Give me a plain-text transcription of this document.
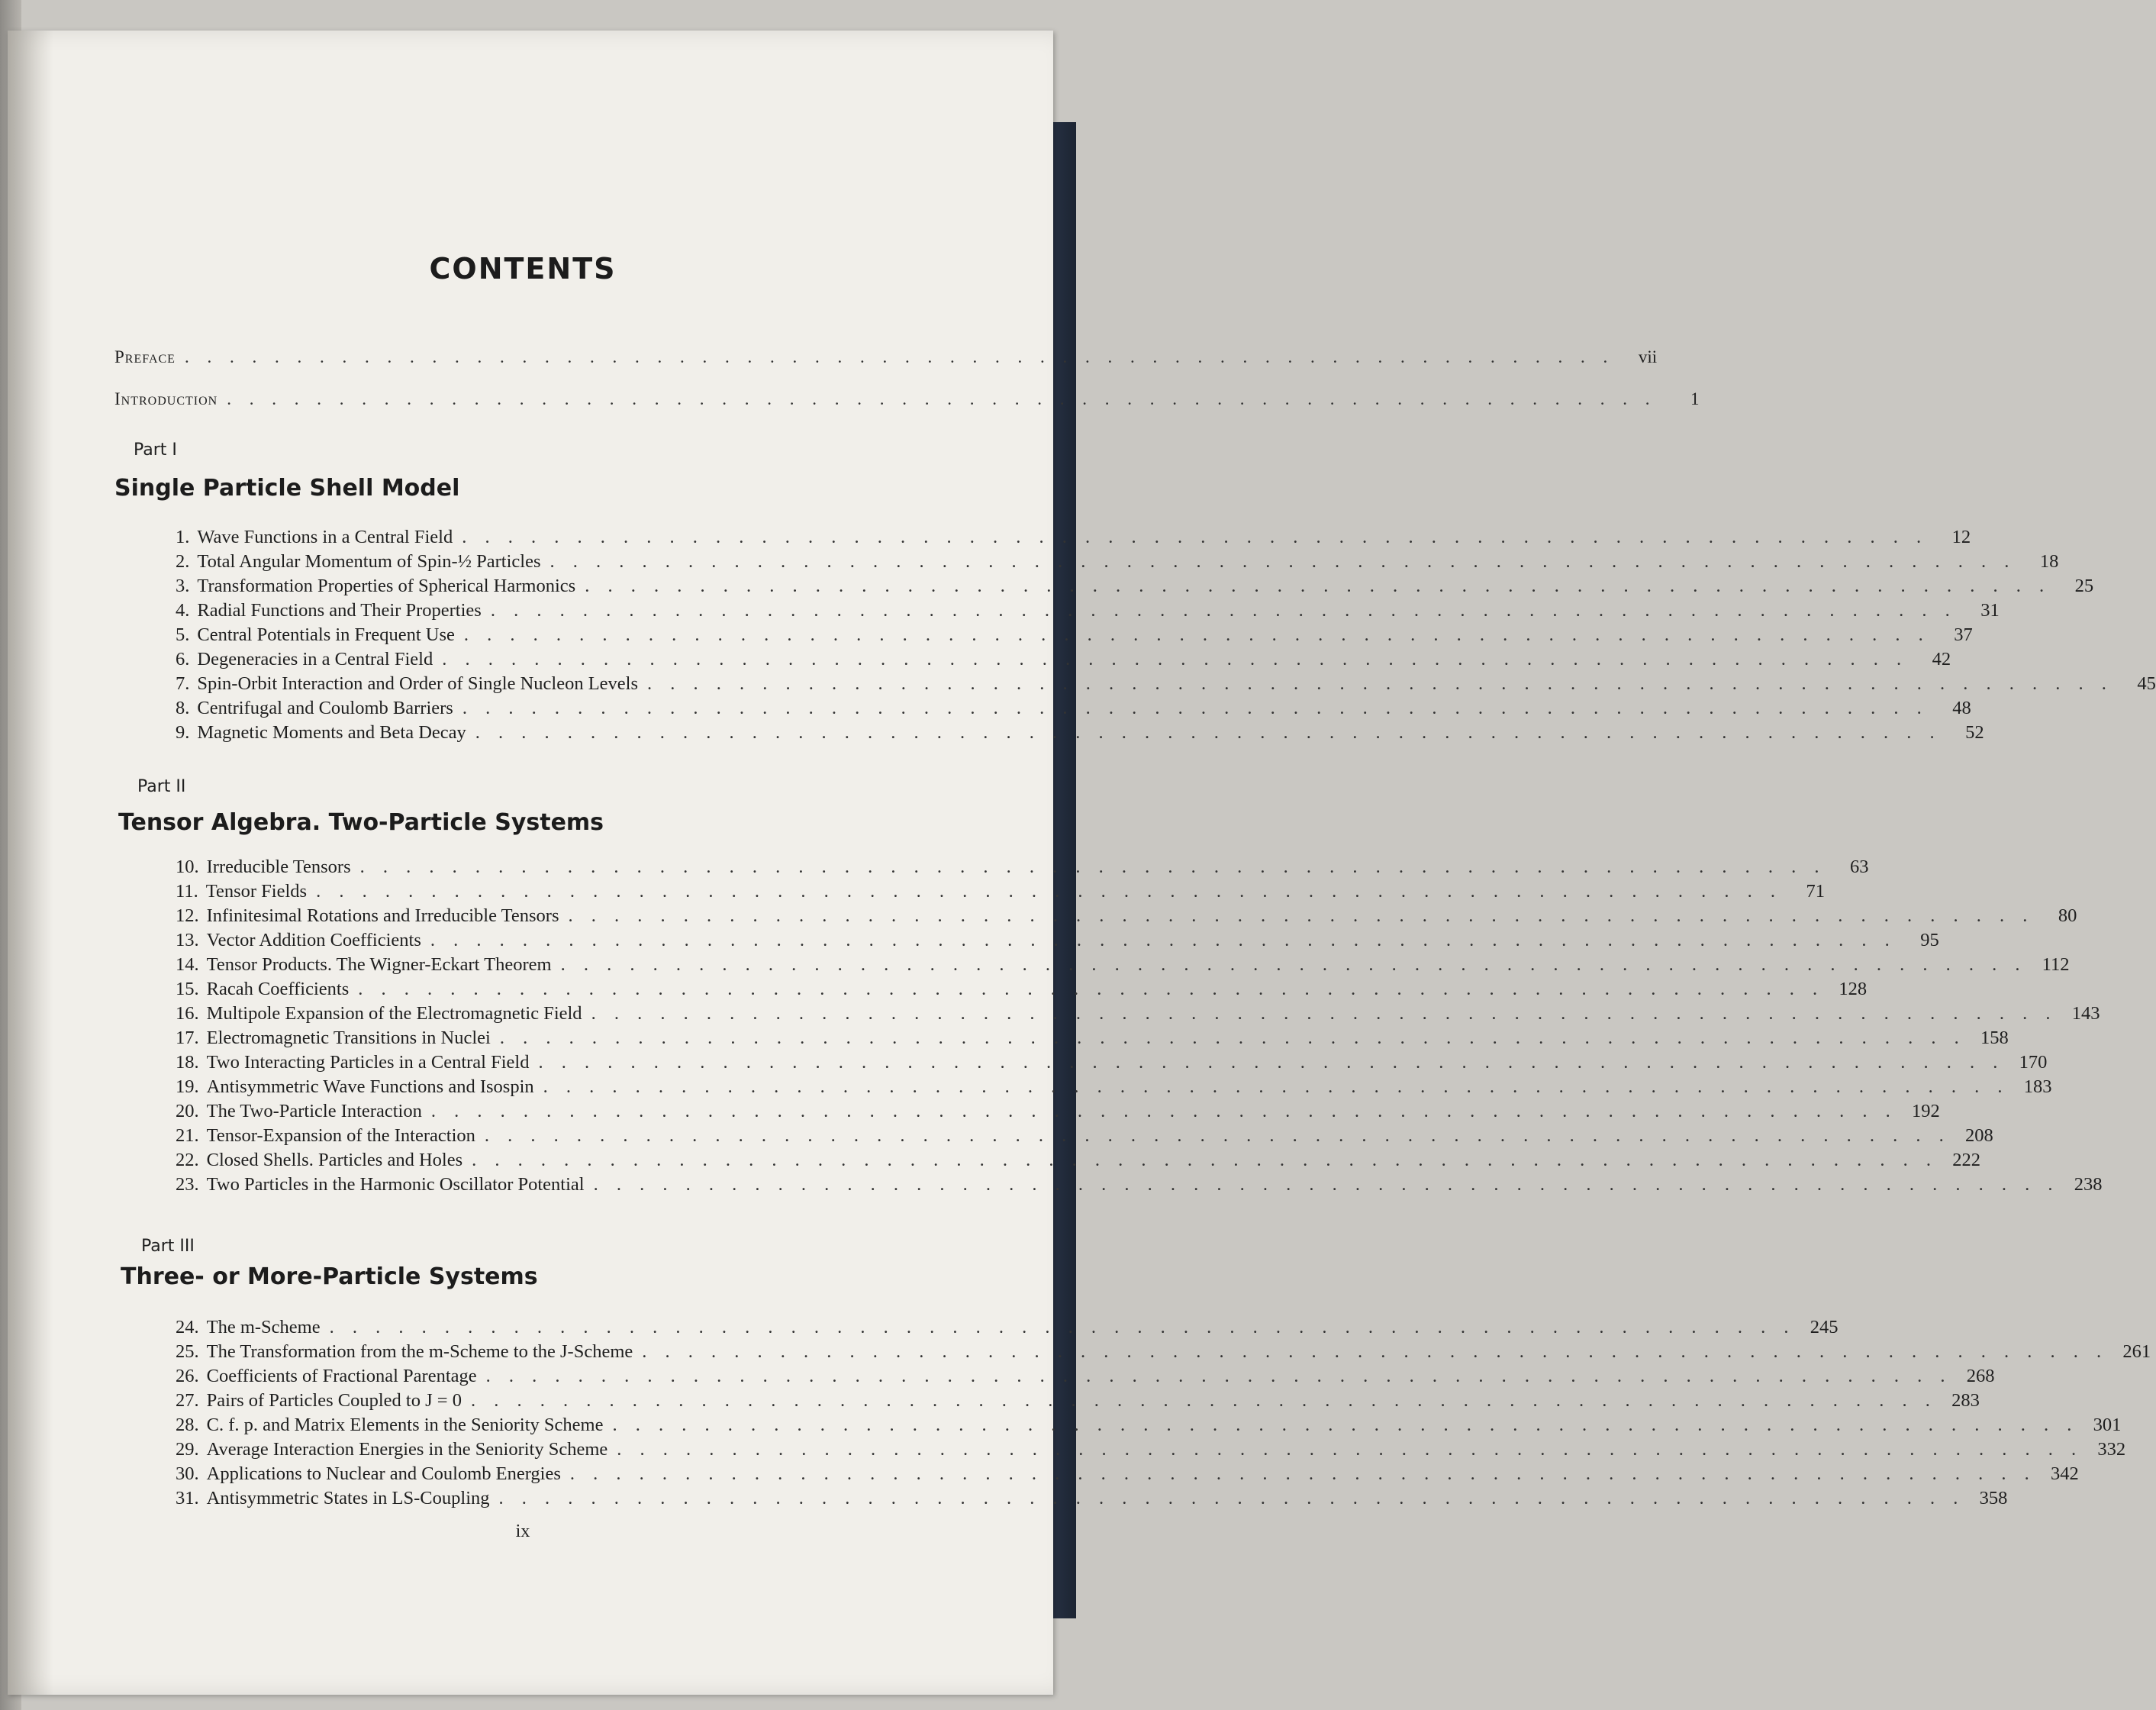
CONTENTS
Preface . . . . . . . . . . . . . . . . . . . . . . . . . . . . . . . . . . . . . . . . . . . . . . . . . . . . . . . . . . . . . . . .	vii
Introduction . . . . . . . . . . . . . . . . . . . . . . . . . . . . . . . . . . . . . . . . . . . . . . . . . . . . . . . . . . . . . . . .	1
Part I
Single Particle Shell Model
1. Wave Functions in a Central Field . . . . . . . . . . . . . . . . . . . . . . . . . . . . . . . . . . . . . . . . . . . . . . . . . . . . . . . . . . . . . . . .	12
2. Total Angular Momentum of Spin-½ Particles . . . . . . . . . . . . . . . . . . . . . . . . . . . . . . . . . . . . . . . . . . . . . . . . . . . . . . . . . . . . . . . .	18
3. Transformation Properties of Spherical Harmonics . . . . . . . . . . . . . . . . . . . . . . . . . . . . . . . . . . . . . . . . . . . . . . . . . . . . . . . . . . . . . . . .	25
4. Radial Functions and Their Properties . . . . . . . . . . . . . . . . . . . . . . . . . . . . . . . . . . . . . . . . . . . . . . . . . . . . . . . . . . . . . . . .	31
5. Central Potentials in Frequent Use . . . . . . . . . . . . . . . . . . . . . . . . . . . . . . . . . . . . . . . . . . . . . . . . . . . . . . . . . . . . . . . .	37
6. Degeneracies in a Central Field . . . . . . . . . . . . . . . . . . . . . . . . . . . . . . . . . . . . . . . . . . . . . . . . . . . . . . . . . . . . . . . .	42
7. Spin-Orbit Interaction and Order of Single Nucleon Levels . . . . . . . . . . . . . . . . . . . . . . . . . . . . . . . . . . . . . . . . . . . . . . . . . . . . . . . . . . . . . . . .	45
8. Centrifugal and Coulomb Barriers . . . . . . . . . . . . . . . . . . . . . . . . . . . . . . . . . . . . . . . . . . . . . . . . . . . . . . . . . . . . . . . .	48
9. Magnetic Moments and Beta Decay . . . . . . . . . . . . . . . . . . . . . . . . . . . . . . . . . . . . . . . . . . . . . . . . . . . . . . . . . . . . . . . .	52
Part II
Tensor Algebra. Two-Particle Systems
10. Irreducible Tensors . . . . . . . . . . . . . . . . . . . . . . . . . . . . . . . . . . . . . . . . . . . . . . . . . . . . . . . . . . . . . . . .	63
11. Tensor Fields . . . . . . . . . . . . . . . . . . . . . . . . . . . . . . . . . . . . . . . . . . . . . . . . . . . . . . . . . . . . . . . .	71
12. Infinitesimal Rotations and Irreducible Tensors . . . . . . . . . . . . . . . . . . . . . . . . . . . . . . . . . . . . . . . . . . . . . . . . . . . . . . . . . . . . . . . .	80
13. Vector Addition Coefficients . . . . . . . . . . . . . . . . . . . . . . . . . . . . . . . . . . . . . . . . . . . . . . . . . . . . . . . . . . . . . . . .	95
14. Tensor Products. The Wigner-Eckart Theorem . . . . . . . . . . . . . . . . . . . . . . . . . . . . . . . . . . . . . . . . . . . . . . . . . . . . . . . . . . . . . . . . 112
15. Racah Coefficients . . . . . . . . . . . . . . . . . . . . . . . . . . . . . . . . . . . . . . . . . . . . . . . . . . . . . . . . . . . . . . . . 128
16. Multipole Expansion of the Electromagnetic Field . . . . . . . . . . . . . . . . . . . . . . . . . . . . . . . . . . . . . . . . . . . . . . . . . . . . . . . . . . . . . . . . 143
17. Electromagnetic Transitions in Nuclei . . . . . . . . . . . . . . . . . . . . . . . . . . . . . . . . . . . . . . . . . . . . . . . . . . . . . . . . . . . . . . . . 158
18. Two Interacting Particles in a Central Field . . . . . . . . . . . . . . . . . . . . . . . . . . . . . . . . . . . . . . . . . . . . . . . . . . . . . . . . . . . . . . . . 170
19. Antisymmetric Wave Functions and Isospin . . . . . . . . . . . . . . . . . . . . . . . . . . . . . . . . . . . . . . . . . . . . . . . . . . . . . . . . . . . . . . . . 183
20. The Two-Particle Interaction . . . . . . . . . . . . . . . . . . . . . . . . . . . . . . . . . . . . . . . . . . . . . . . . . . . . . . . . . . . . . . . . 192
21. Tensor-Expansion of the Interaction . . . . . . . . . . . . . . . . . . . . . . . . . . . . . . . . . . . . . . . . . . . . . . . . . . . . . . . . . . . . . . . . 208
22. Closed Shells. Particles and Holes . . . . . . . . . . . . . . . . . . . . . . . . . . . . . . . . . . . . . . . . . . . . . . . . . . . . . . . . . . . . . . . . 222
23. Two Particles in the Harmonic Oscillator Potential . . . . . . . . . . . . . . . . . . . . . . . . . . . . . . . . . . . . . . . . . . . . . . . . . . . . . . . . . . . . . . . . 238
Part III
Three- or More-Particle Systems
24. The m-Scheme . . . . . . . . . . . . . . . . . . . . . . . . . . . . . . . . . . . . . . . . . . . . . . . . . . . . . . . . . . . . . . . . 245
25. The Transformation from the m-Scheme to the J-Scheme . . . . . . . . . . . . . . . . . . . . . . . . . . . . . . . . . . . . . . . . . . . . . . . . . . . . . . . . . . . . . . . . 261
26. Coefficients of Fractional Parentage . . . . . . . . . . . . . . . . . . . . . . . . . . . . . . . . . . . . . . . . . . . . . . . . . . . . . . . . . . . . . . . . 268
27. Pairs of Particles Coupled to J = 0 . . . . . . . . . . . . . . . . . . . . . . . . . . . . . . . . . . . . . . . . . . . . . . . . . . . . . . . . . . . . . . . . 283
28. C. f. p. and Matrix Elements in the Seniority Scheme . . . . . . . . . . . . . . . . . . . . . . . . . . . . . . . . . . . . . . . . . . . . . . . . . . . . . . . . . . . . . . . . 301
29. Average Interaction Energies in the Seniority Scheme . . . . . . . . . . . . . . . . . . . . . . . . . . . . . . . . . . . . . . . . . . . . . . . . . . . . . . . . . . . . . . . . 332
30. Applications to Nuclear and Coulomb Energies . . . . . . . . . . . . . . . . . . . . . . . . . . . . . . . . . . . . . . . . . . . . . . . . . . . . . . . . . . . . . . . . 342
31. Antisymmetric States in LS-Coupling . . . . . . . . . . . . . . . . . . . . . . . . . . . . . . . . . . . . . . . . . . . . . . . . . . . . . . . . . . . . . . . . 358
ix
